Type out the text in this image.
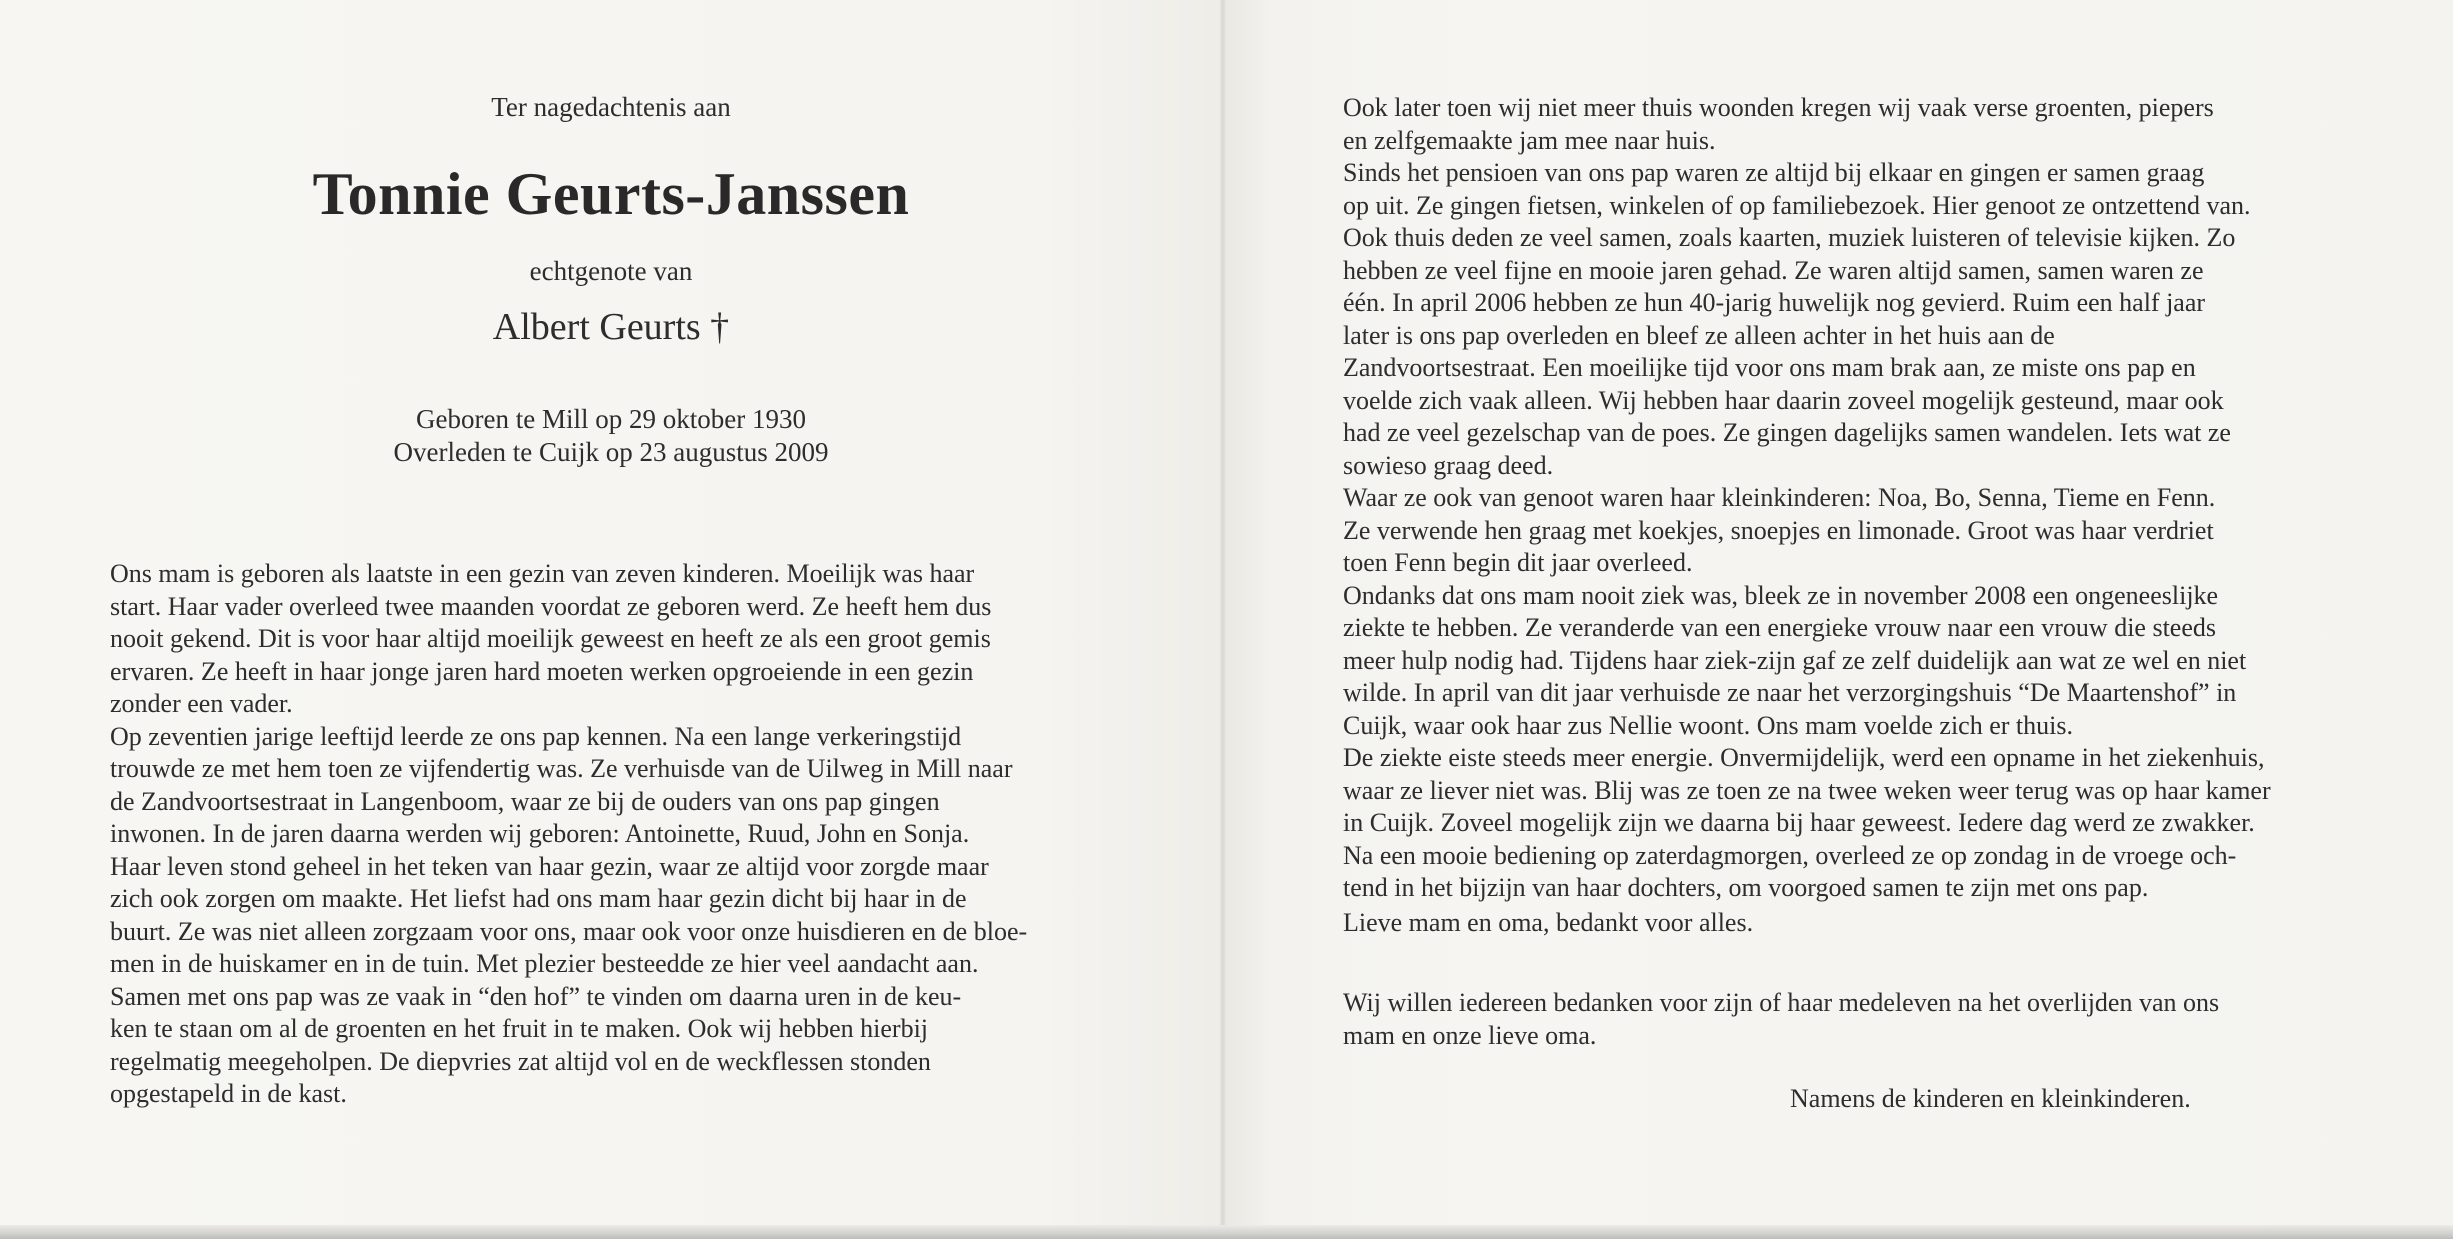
Ter nagedachtenis aan
Tonnie Geurts-Janssen
echtgenote van
Albert Geurts †
Geboren te Mill op 29 oktober 1930
Overleden te Cuijk op 23 augustus 2009
Ons mam is geboren als laatste in een gezin van zeven kinderen. Moeilijk was haar
start. Haar vader overleed twee maanden voordat ze geboren werd. Ze heeft hem dus
nooit gekend. Dit is voor haar altijd moeilijk geweest en heeft ze als een groot gemis
ervaren. Ze heeft in haar jonge jaren hard moeten werken opgroeiende in een gezin
zonder een vader.
Op zeventien jarige leeftijd leerde ze ons pap kennen. Na een lange verkeringstijd
trouwde ze met hem toen ze vijfendertig was. Ze verhuisde van de Uilweg in Mill naar
de Zandvoortsestraat in Langenboom, waar ze bij de ouders van ons pap gingen
inwonen. In de jaren daarna werden wij geboren: Antoinette, Ruud, John en Sonja.
Haar leven stond geheel in het teken van haar gezin, waar ze altijd voor zorgde maar
zich ook zorgen om maakte. Het liefst had ons mam haar gezin dicht bij haar in de
buurt. Ze was niet alleen zorgzaam voor ons, maar ook voor onze huisdieren en de bloe-
men in de huiskamer en in de tuin. Met plezier besteedde ze hier veel aandacht aan.
Samen met ons pap was ze vaak in “den hof” te vinden om daarna uren in de keu-
ken te staan om al de groenten en het fruit in te maken. Ook wij hebben hierbij
regelmatig meegeholpen. De diepvries zat altijd vol en de weckflessen stonden
opgestapeld in de kast.
Ook later toen wij niet meer thuis woonden kregen wij vaak verse groenten, piepers
en zelfgemaakte jam mee naar huis.
Sinds het pensioen van ons pap waren ze altijd bij elkaar en gingen er samen graag
op uit. Ze gingen fietsen, winkelen of op familiebezoek. Hier genoot ze ontzettend van.
Ook thuis deden ze veel samen, zoals kaarten, muziek luisteren of televisie kijken. Zo
hebben ze veel fijne en mooie jaren gehad. Ze waren altijd samen, samen waren ze
één. In april 2006 hebben ze hun 40-jarig huwelijk nog gevierd. Ruim een half jaar
later is ons pap overleden en bleef ze alleen achter in het huis aan de
Zandvoortsestraat. Een moeilijke tijd voor ons mam brak aan, ze miste ons pap en
voelde zich vaak alleen. Wij hebben haar daarin zoveel mogelijk gesteund, maar ook
had ze veel gezelschap van de poes. Ze gingen dagelijks samen wandelen. Iets wat ze
sowieso graag deed.
Waar ze ook van genoot waren haar kleinkinderen: Noa, Bo, Senna, Tieme en Fenn.
Ze verwende hen graag met koekjes, snoepjes en limonade. Groot was haar verdriet
toen Fenn begin dit jaar overleed.
Ondanks dat ons mam nooit ziek was, bleek ze in november 2008 een ongeneeslijke
ziekte te hebben. Ze veranderde van een energieke vrouw naar een vrouw die steeds
meer hulp nodig had. Tijdens haar ziek-zijn gaf ze zelf duidelijk aan wat ze wel en niet
wilde. In april van dit jaar verhuisde ze naar het verzorgingshuis “De Maartenshof” in
Cuijk, waar ook haar zus Nellie woont. Ons mam voelde zich er thuis.
De ziekte eiste steeds meer energie. Onvermijdelijk, werd een opname in het ziekenhuis,
waar ze liever niet was. Blij was ze toen ze na twee weken weer terug was op haar kamer
in Cuijk. Zoveel mogelijk zijn we daarna bij haar geweest. Iedere dag werd ze zwakker.
Na een mooie bediening op zaterdagmorgen, overleed ze op zondag in de vroege och-
tend in het bijzijn van haar dochters, om voorgoed samen te zijn met ons pap.
Lieve mam en oma, bedankt voor alles.
Wij willen iedereen bedanken voor zijn of haar medeleven na het overlijden van ons
mam en onze lieve oma.
Namens de kinderen en kleinkinderen.
